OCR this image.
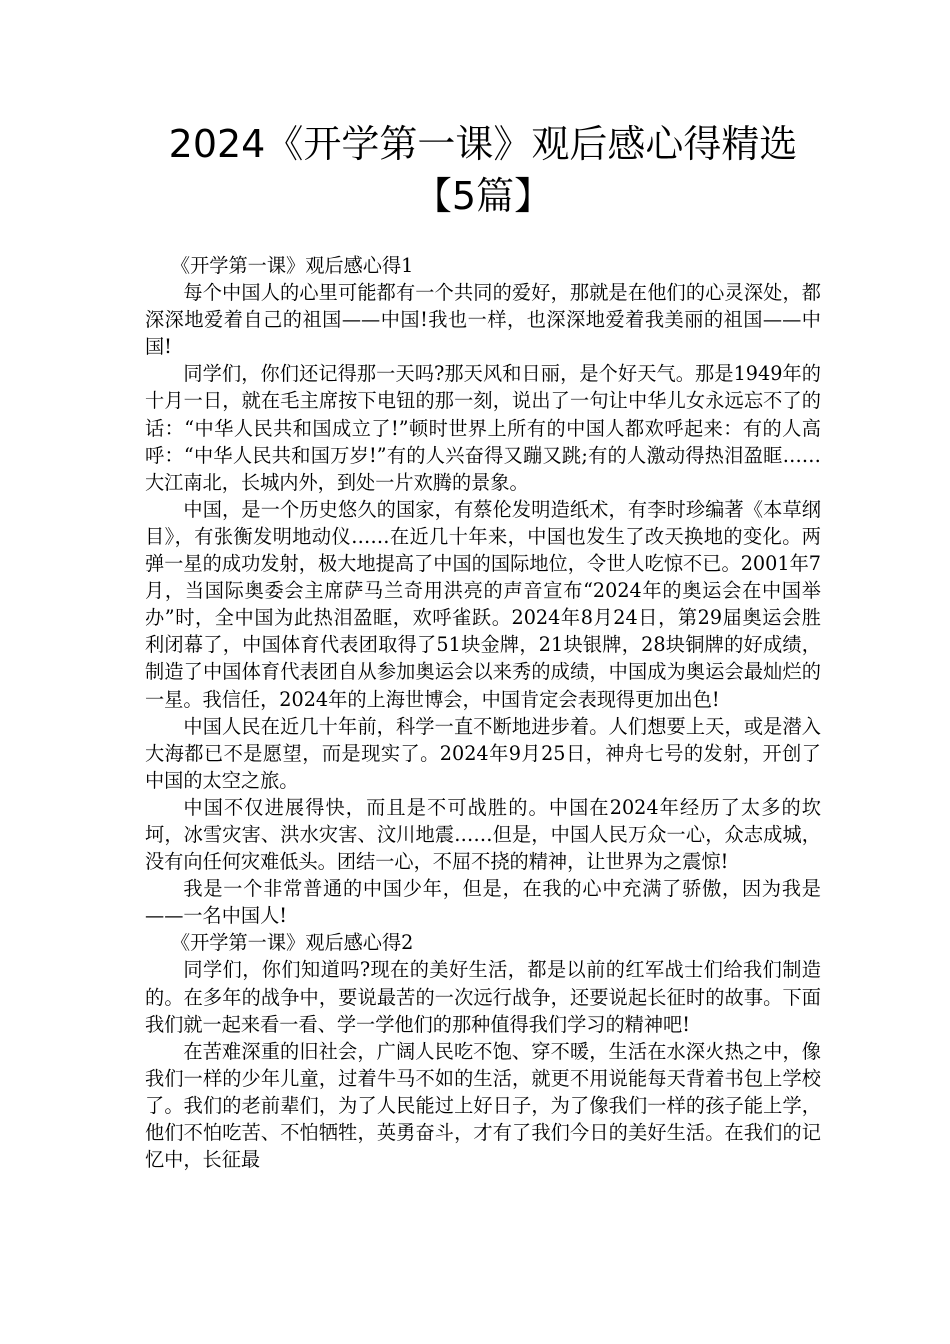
2024《开学第一课》观后感心得精选
【5篇】

《开学第一课》观后感心得1

每个中国人的心里可能都有一个共同的爱好，那就是在他们的心灵深处，都深深地爱着自己的祖国——中国!我也一样，也深深地爱着我美丽的祖国——中国!

同学们，你们还记得那一天吗?那天风和日丽，是个好天气。那是1949年的十月一日，就在毛主席按下电钮的那一刻，说出了一句让中华儿女永远忘不了的话：“中华人民共和国成立了!”顿时世界上所有的中国人都欢呼起来：有的人高呼：“中华人民共和国万岁!”有的人兴奋得又蹦又跳;有的人激动得热泪盈眶……大江南北，长城内外，到处一片欢腾的景象。

中国，是一个历史悠久的国家，有蔡伦发明造纸术，有李时珍编著《本草纲目》，有张衡发明地动仪……在近几十年来，中国也发生了改天换地的变化。两弹一星的成功发射，极大地提高了中国的国际地位，令世人吃惊不已。2001年7月，当国际奥委会主席萨马兰奇用洪亮的声音宣布“2024年的奥运会在中国举办”时，全中国为此热泪盈眶，欢呼雀跃。2024年8月24日，第29届奥运会胜利闭幕了，中国体育代表团取得了51块金牌，21块银牌，28块铜牌的好成绩，制造了中国体育代表团自从参加奥运会以来秀的成绩，中国成为奥运会最灿烂的一星。我信任，2024年的上海世博会，中国肯定会表现得更加出色!

中国人民在近几十年前，科学一直不断地进步着。人们想要上天，或是潜入大海都已不是愿望，而是现实了。2024年9月25日，神舟七号的发射，开创了中国的太空之旅。

中国不仅进展得快，而且是不可战胜的。中国在2024年经历了太多的坎坷，冰雪灾害、洪水灾害、汶川地震……但是，中国人民万众一心，众志成城，没有向任何灾难低头。团结一心，不屈不挠的精神，让世界为之震惊!

我是一个非常普通的中国少年，但是，在我的心中充满了骄傲，因为我是——一名中国人!

《开学第一课》观后感心得2

同学们，你们知道吗?现在的美好生活，都是以前的红军战士们给我们制造的。在多年的战争中，要说最苦的一次远行战争，还要说起长征时的故事。下面我们就一起来看一看、学一学他们的那种值得我们学习的精神吧!

在苦难深重的旧社会，广阔人民吃不饱、穿不暖，生活在水深火热之中，像我们一样的少年儿童，过着牛马不如的生活，就更不用说能每天背着书包上学校了。我们的老前辈们，为了人民能过上好日子，为了像我们一样的孩子能上学，他们不怕吃苦、不怕牺牲，英勇奋斗，才有了我们今日的美好生活。在我们的记忆中，长征最
